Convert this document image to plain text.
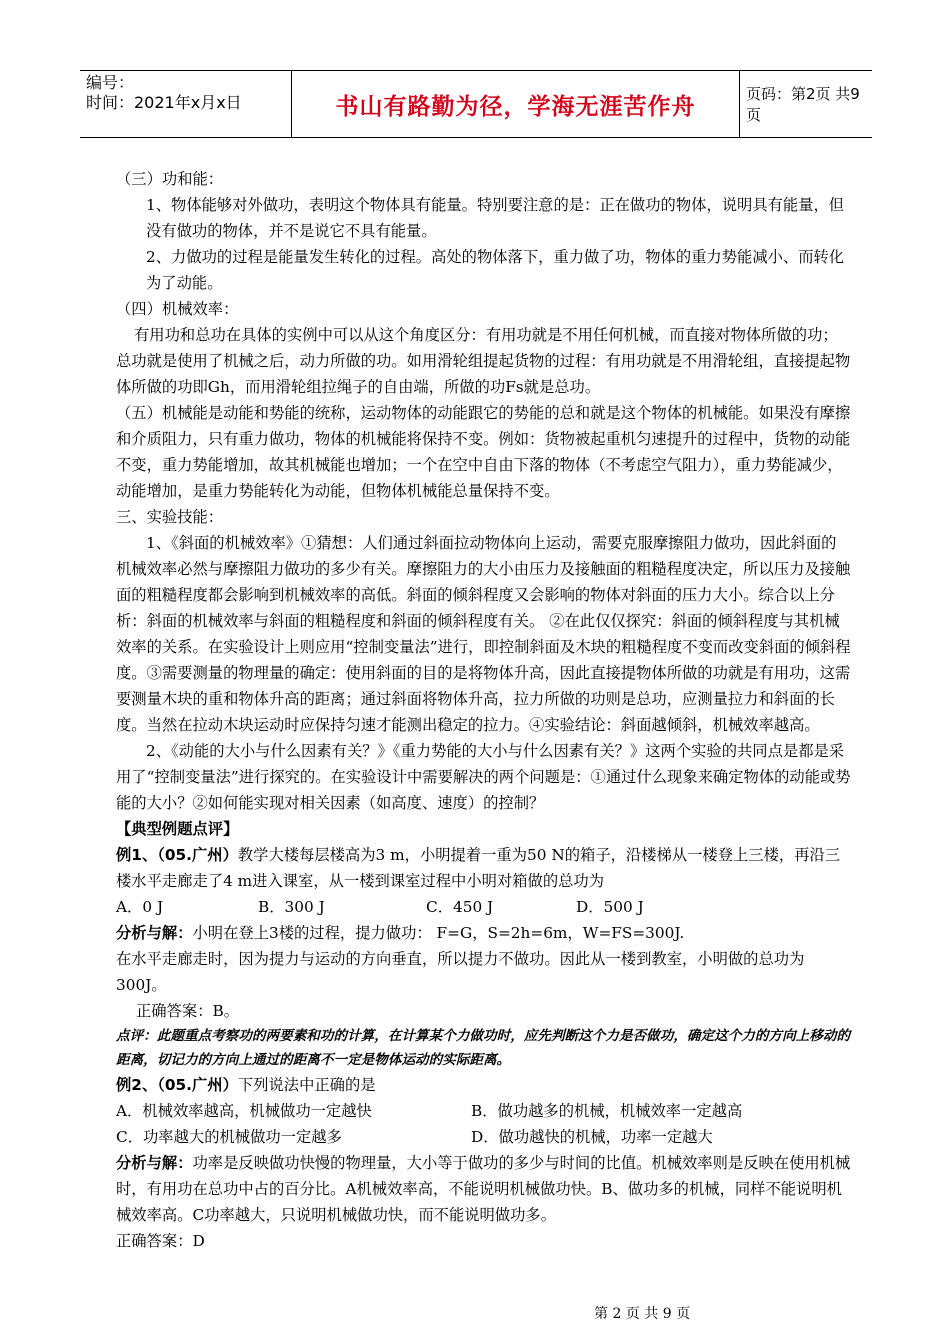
编号：
时间：2021年x月x日	书山有路勤为径，学海无涯苦作舟	页码：第2页 共9页

（三）功和能：

1、物体能够对外做功，表明这个物体具有能量。特别要注意的是：正在做功的物体，说明具有能量，但没有做功的物体，并不是说它不具有能量。

2、力做功的过程是能量发生转化的过程。高处的物体落下，重力做了功，物体的重力势能减小、而转化为了动能。

（四）机械效率：

有用功和总功在具体的实例中可以从这个角度区分：有用功就是不用任何机械，而直接对物体所做的功；总功就是使用了机械之后，动力所做的功。如用滑轮组提起货物的过程：有用功就是不用滑轮组，直接提起物体所做的功即Gh，而用滑轮组拉绳子的自由端，所做的功Fs就是总功。

（五）机械能是动能和势能的统称，运动物体的动能跟它的势能的总和就是这个物体的机械能。如果没有摩擦和介质阻力，只有重力做功，物体的机械能将保持不变。例如：货物被起重机匀速提升的过程中，货物的动能不变，重力势能增加，故其机械能也增加；一个在空中自由下落的物体（不考虑空气阻力），重力势能减少，动能增加，是重力势能转化为动能，但物体机械能总量保持不变。

三、实验技能：

1、《斜面的机械效率》①猜想：人们通过斜面拉动物体向上运动，需要克服摩擦阻力做功，因此斜面的机械效率必然与摩擦阻力做功的多少有关。摩擦阻力的大小由压力及接触面的粗糙程度决定，所以压力及接触面的粗糙程度都会影响到机械效率的高低。斜面的倾斜程度又会影响的物体对斜面的压力大小。综合以上分析：斜面的机械效率与斜面的粗糙程度和斜面的倾斜程度有关。 ②在此仅仅探究：斜面的倾斜程度与其机械效率的关系。在实验设计上则应用“控制变量法”进行，即控制斜面及木块的粗糙程度不变而改变斜面的倾斜程度。③需要测量的物理量的确定：使用斜面的目的是将物体升高，因此直接提物体所做的功就是有用功，这需要测量木块的重和物体升高的距离；通过斜面将物体升高，拉力所做的功则是总功，应测量拉力和斜面的长度。当然在拉动木块运动时应保持匀速才能测出稳定的拉力。④实验结论：斜面越倾斜，机械效率越高。

2、《动能的大小与什么因素有关？》《重力势能的大小与什么因素有关？》这两个实验的共同点是都是采用了“控制变量法”进行探究的。在实验设计中需要解决的两个问题是：①通过什么现象来确定物体的动能或势能的大小？②如何能实现对相关因素（如高度、速度）的控制？

【典型例题点评】

例1、（05.广州）教学大楼每层楼高为3 m，小明提着一重为50 N的箱子，沿楼梯从一楼登上三楼，再沿三楼水平走廊走了4 m进入课室，从一楼到课室过程中小明对箱做的总功为

A．0 J	B．300 J	C．450 J	D．500 J

分析与解：小明在登上3楼的过程，提力做功： F=G，S=2h=6m，W=FS=300J.

在水平走廊走时，因为提力与运动的方向垂直，所以提力不做功。因此从一楼到教室，小明做的总功为300J。

正确答案：B。

点评：此题重点考察功的两要素和功的计算，在计算某个力做功时，应先判断这个力是否做功，确定这个力的方向上移动的距离，切记力的方向上通过的距离不一定是物体运动的实际距离。

例2、（05.广州）下列说法中正确的是

A．机械效率越高，机械做功一定越快	B．做功越多的机械，机械效率一定越高

C．功率越大的机械做功一定越多	D．做功越快的机械，功率一定越大

分析与解：功率是反映做功快慢的物理量，大小等于做功的多少与时间的比值。机械效率则是反映在使用机械时，有用功在总功中占的百分比。A机械效率高，不能说明机械做功快。B、做功多的机械，同样不能说明机械效率高。C功率越大，只说明机械做功快，而不能说明做功多。

正确答案：D

第 2 页 共 9 页
